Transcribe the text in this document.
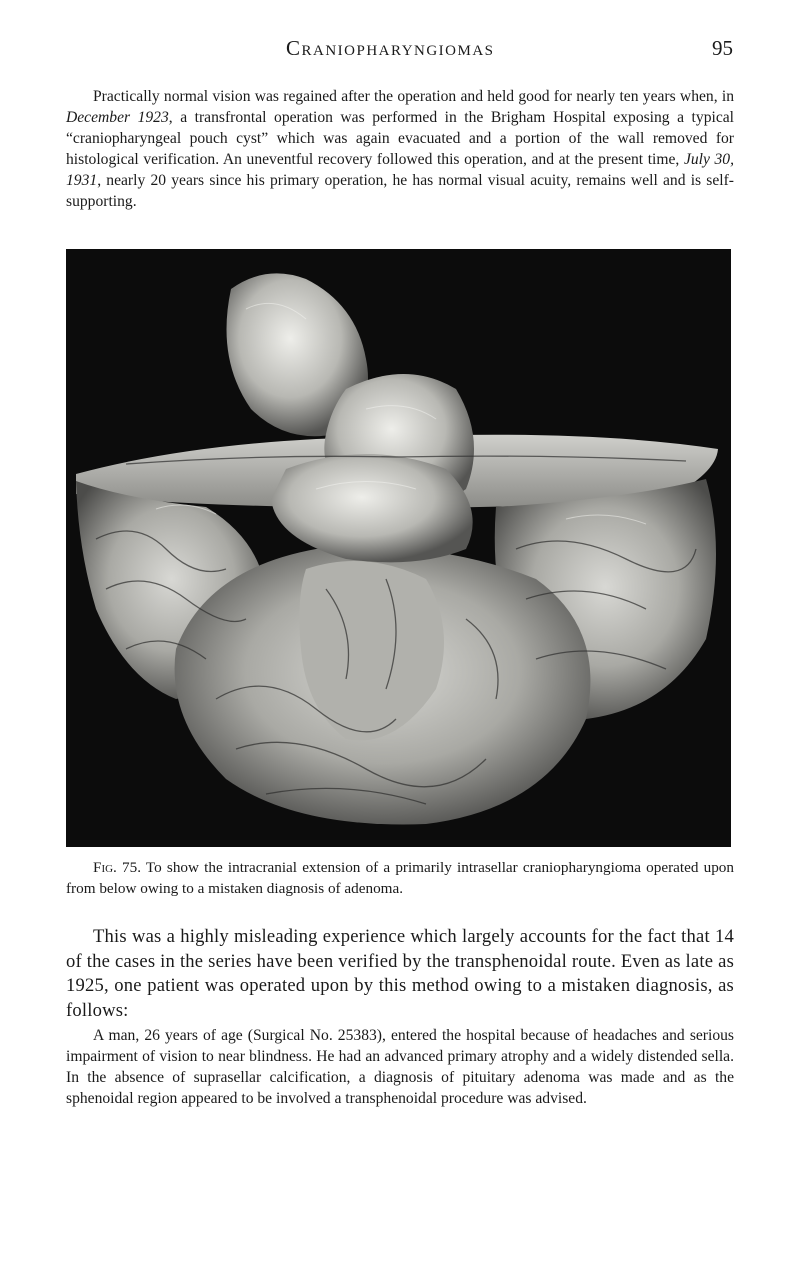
Craniopharyngiomas	95

Practically normal vision was regained after the operation and held good for nearly ten years when, in December 1923, a transfrontal operation was performed in the Brigham Hospital exposing a typical “craniopharyngeal pouch cyst” which was again evacuated and a portion of the wall removed for histological verification. An uneventful recovery followed this operation, and at the present time, July 30, 1931, nearly 20 years since his primary operation, he has normal visual acuity, remains well and is self-supporting.

Fig. 75. To show the intracranial extension of a primarily intrasellar craniopharyngioma operated upon from below owing to a mistaken diagnosis of adenoma.

This was a highly misleading experience which largely accounts for the fact that 14 of the cases in the series have been verified by the transphenoidal route. Even as late as 1925, one patient was operated upon by this method owing to a mistaken diagnosis, as follows:

A man, 26 years of age (Surgical No. 25383), entered the hospital because of headaches and serious impairment of vision to near blindness. He had an advanced primary atrophy and a widely distended sella. In the absence of suprasellar calcification, a diagnosis of pituitary adenoma was made and as the sphenoidal region appeared to be involved a transphenoidal procedure was advised.
